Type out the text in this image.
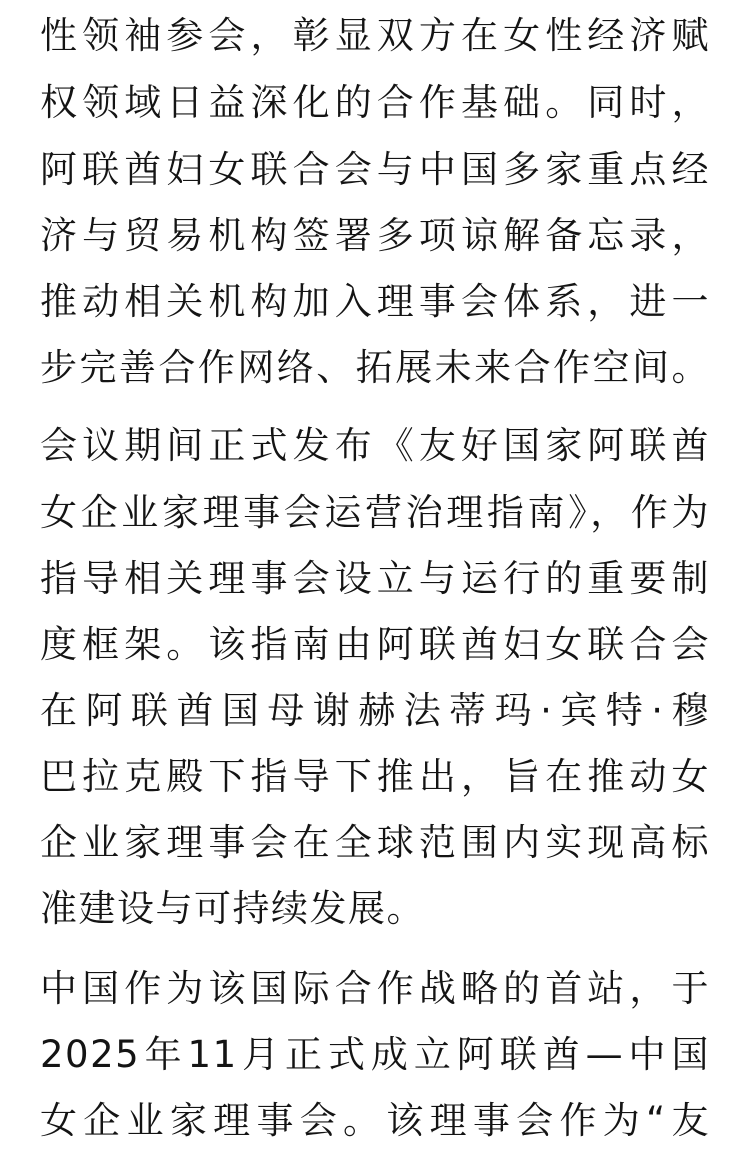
性领袖参会，彰显双方在女性经济赋
权领域日益深化的合作基础。同时，
阿联酋妇女联合会与中国多家重点经
济与贸易机构签署多项谅解备忘录，
推动相关机构加入理事会体系，进一
步完善合作网络、拓展未来合作空间。
会议期间正式发布《友好国家阿联酋
女企业家理事会运营治理指南》，作为
指导相关理事会设立与运行的重要制
度框架。该指南由阿联酋妇女联合会
在阿联酋国母谢赫法蒂玛·宾特·穆
巴拉克殿下指导下推出，旨在推动女
企业家理事会在全球范围内实现高标
准建设与可持续发展。
中国作为该国际合作战略的首站，于
2025年11月正式成立阿联酋—中国
女企业家理事会。该理事会作为“友
